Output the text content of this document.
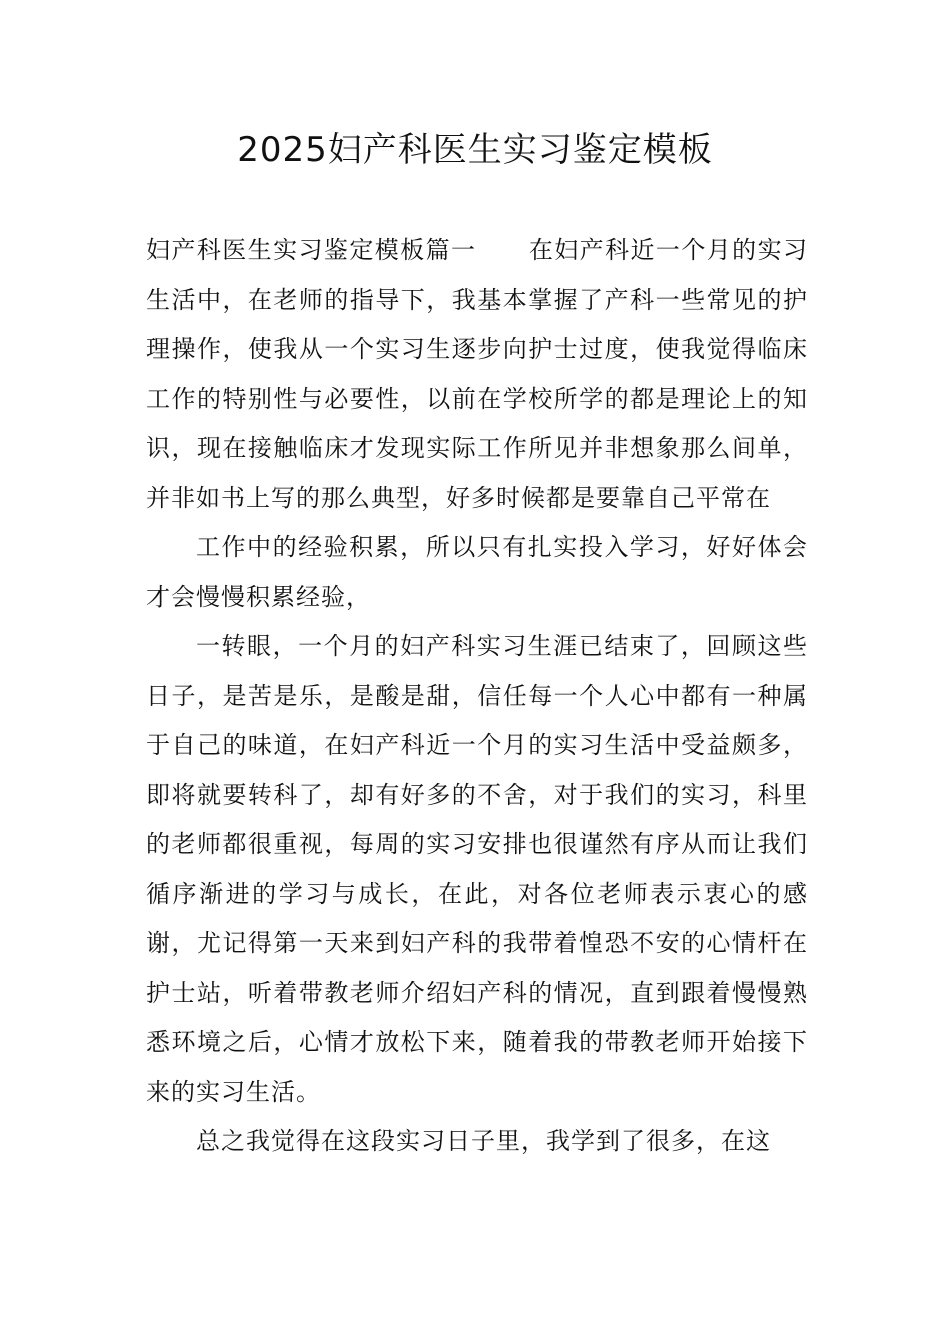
2025妇产科医生实习鉴定模板

妇产科医生实习鉴定模板篇一 在妇产科近一个月的实习生活中，在老师的指导下，我基本掌握了产科一些常见的护理操作，使我从一个实习生逐步向护士过度，使我觉得临床工作的特别性与必要性，以前在学校所学的都是理论上的知识，现在接触临床才发现实际工作所见并非想象那么间单，并非如书上写的那么典型，好多时候都是要靠自己平常在

工作中的经验积累，所以只有扎实投入学习，好好体会才会慢慢积累经验，

一转眼，一个月的妇产科实习生涯已结束了，回顾这些日子，是苦是乐，是酸是甜，信任每一个人心中都有一种属于自己的味道，在妇产科近一个月的实习生活中受益颇多，即将就要转科了，却有好多的不舍，对于我们的实习，科里的老师都很重视，每周的实习安排也很谨然有序从而让我们循序渐进的学习与成长，在此，对各位老师表示衷心的感谢，尤记得第一天来到妇产科的我带着惶恐不安的心情杆在护士站，听着带教老师介绍妇产科的情况，直到跟着慢慢熟悉环境之后，心情才放松下来，随着我的带教老师开始接下来的实习生活。

总之我觉得在这段实习日子里，我学到了很多，在这
